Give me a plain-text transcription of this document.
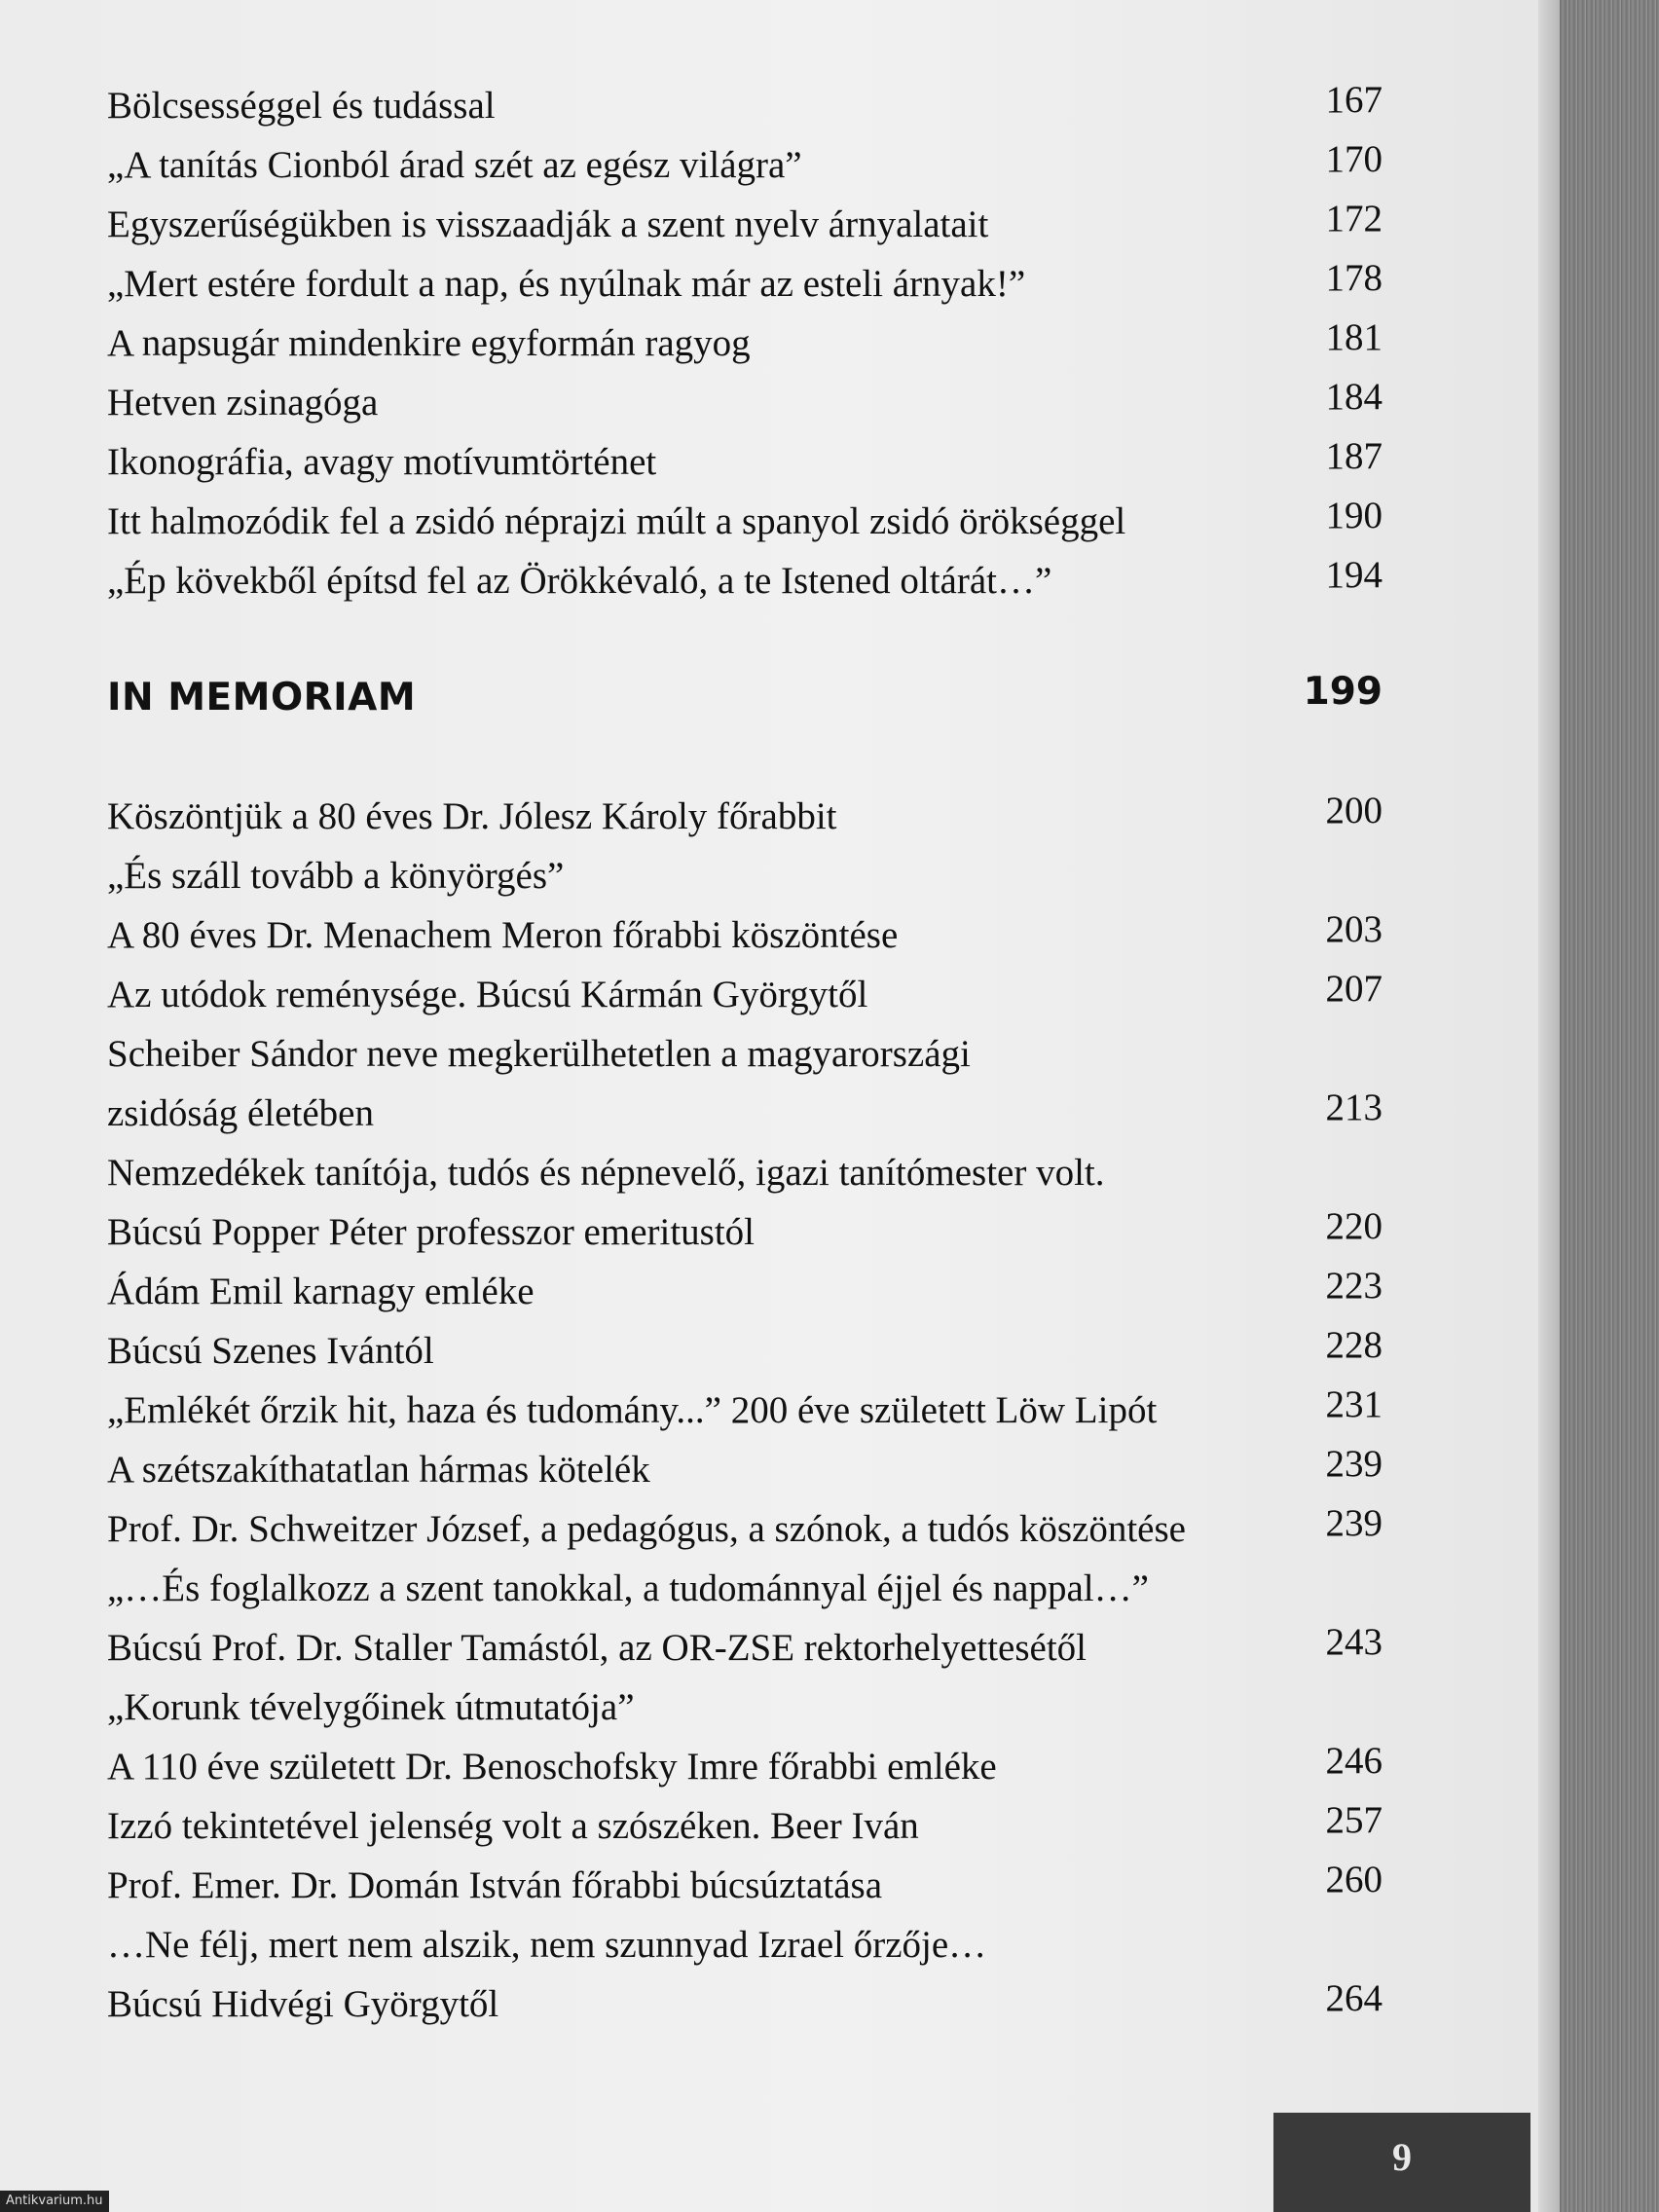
Bölcsességgel és tudással	167
„A tanítás Cionból árad szét az egész világra”	170
Egyszerűségükben is visszaadják a szent nyelv árnyalatait	172
„Mert estére fordult a nap, és nyúlnak már az esteli árnyak!”	178
A napsugár mindenkire egyformán ragyog	181
Hetven zsinagóga	184
Ikonográfia, avagy motívumtörténet	187
Itt halmozódik fel a zsidó néprajzi múlt a spanyol zsidó örökséggel	190
„Ép kövekből építsd fel az Örökkévaló, a te Istened oltárát…”	194
IN MEMORIAM	199
Köszöntjük a 80 éves Dr. Jólesz Károly főrabbit	200
„És száll tovább a könyörgés”
A 80 éves Dr. Menachem Meron főrabbi köszöntése	203
Az utódok reménysége. Búcsú Kármán Györgytől	207
Scheiber Sándor neve megkerülhetetlen a magyarországi
zsidóság életében	213
Nemzedékek tanítója, tudós és népnevelő, igazi tanítómester volt.
Búcsú Popper Péter professzor emeritustól	220
Ádám Emil karnagy emléke	223
Búcsú Szenes Ivántól	228
„Emlékét őrzik hit, haza és tudomány...” 200 éve született Löw Lipót	231
A szétszakíthatatlan hármas kötelék	239
Prof. Dr. Schweitzer József, a pedagógus, a szónok, a tudós köszöntése	239
„…És foglalkozz a szent tanokkal, a tudománnyal éjjel és nappal…”
Búcsú Prof. Dr. Staller Tamástól, az OR-ZSE rektorhelyettesétől	243
„Korunk tévelygőinek útmutatója”
A 110 éve született Dr. Benoschofsky Imre főrabbi emléke	246
Izzó tekintetével jelenség volt a szószéken. Beer Iván	257
Prof. Emer. Dr. Domán István főrabbi búcsúztatása	260
…Ne félj, mert nem alszik, nem szunnyad Izrael őrzője…
Búcsú Hidvégi Györgytől	264
9
Antikvarium.hu
